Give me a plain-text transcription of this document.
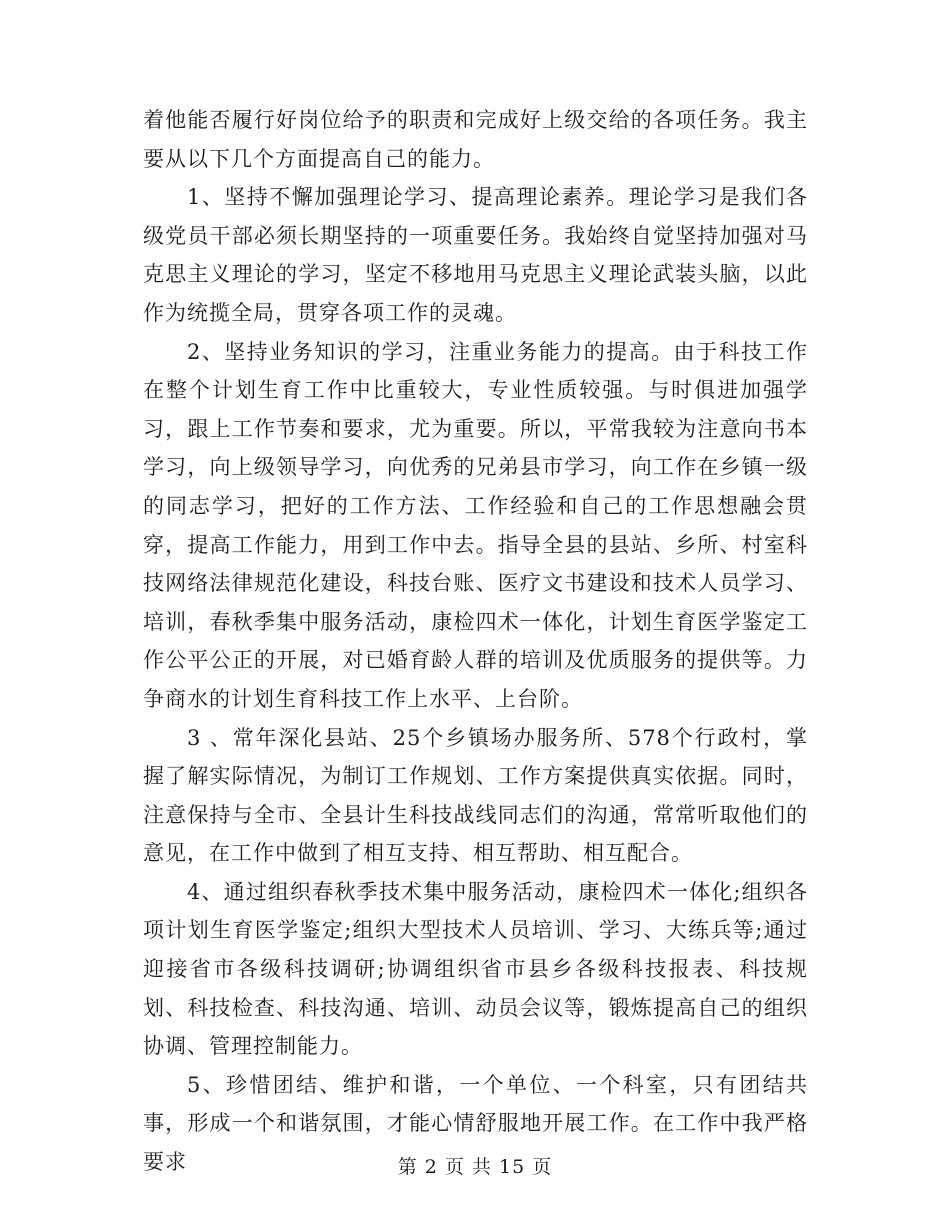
着他能否履行好岗位给予的职责和完成好上级交给的各项任务。我主要从以下几个方面提高自己的能力。

1、坚持不懈加强理论学习、提高理论素养。理论学习是我们各级党员干部必须长期坚持的一项重要任务。我始终自觉坚持加强对马克思主义理论的学习，坚定不移地用马克思主义理论武装头脑，以此作为统揽全局，贯穿各项工作的灵魂。

2、坚持业务知识的学习，注重业务能力的提高。由于科技工作在整个计划生育工作中比重较大，专业性质较强。与时俱进加强学习，跟上工作节奏和要求，尤为重要。所以，平常我较为注意向书本学习，向上级领导学习，向优秀的兄弟县市学习，向工作在乡镇一级的同志学习，把好的工作方法、工作经验和自己的工作思想融会贯穿，提高工作能力，用到工作中去。指导全县的县站、乡所、村室科技网络法律规范化建设，科技台账、医疗文书建设和技术人员学习、培训，春秋季集中服务活动，康检四术一体化，计划生育医学鉴定工作公平公正的开展，对已婚育龄人群的培训及优质服务的提供等。力争商水的计划生育科技工作上水平、上台阶。

3 、常年深化县站、25个乡镇场办服务所、578个行政村，掌握了解实际情况，为制订工作规划、工作方案提供真实依据。同时，注意保持与全市、全县计生科技战线同志们的沟通，常常听取他们的意见，在工作中做到了相互支持、相互帮助、相互配合。

4、通过组织春秋季技术集中服务活动，康检四术一体化;组织各项计划生育医学鉴定;组织大型技术人员培训、学习、大练兵等;通过迎接省市各级科技调研;协调组织省市县乡各级科技报表、科技规划、科技检查、科技沟通、培训、动员会议等，锻炼提高自己的组织协调、管理控制能力。

5、珍惜团结、维护和谐，一个单位、一个科室，只有团结共事，形成一个和谐氛围，才能心情舒服地开展工作。在工作中我严格要求	第 2 页 共 15 页
